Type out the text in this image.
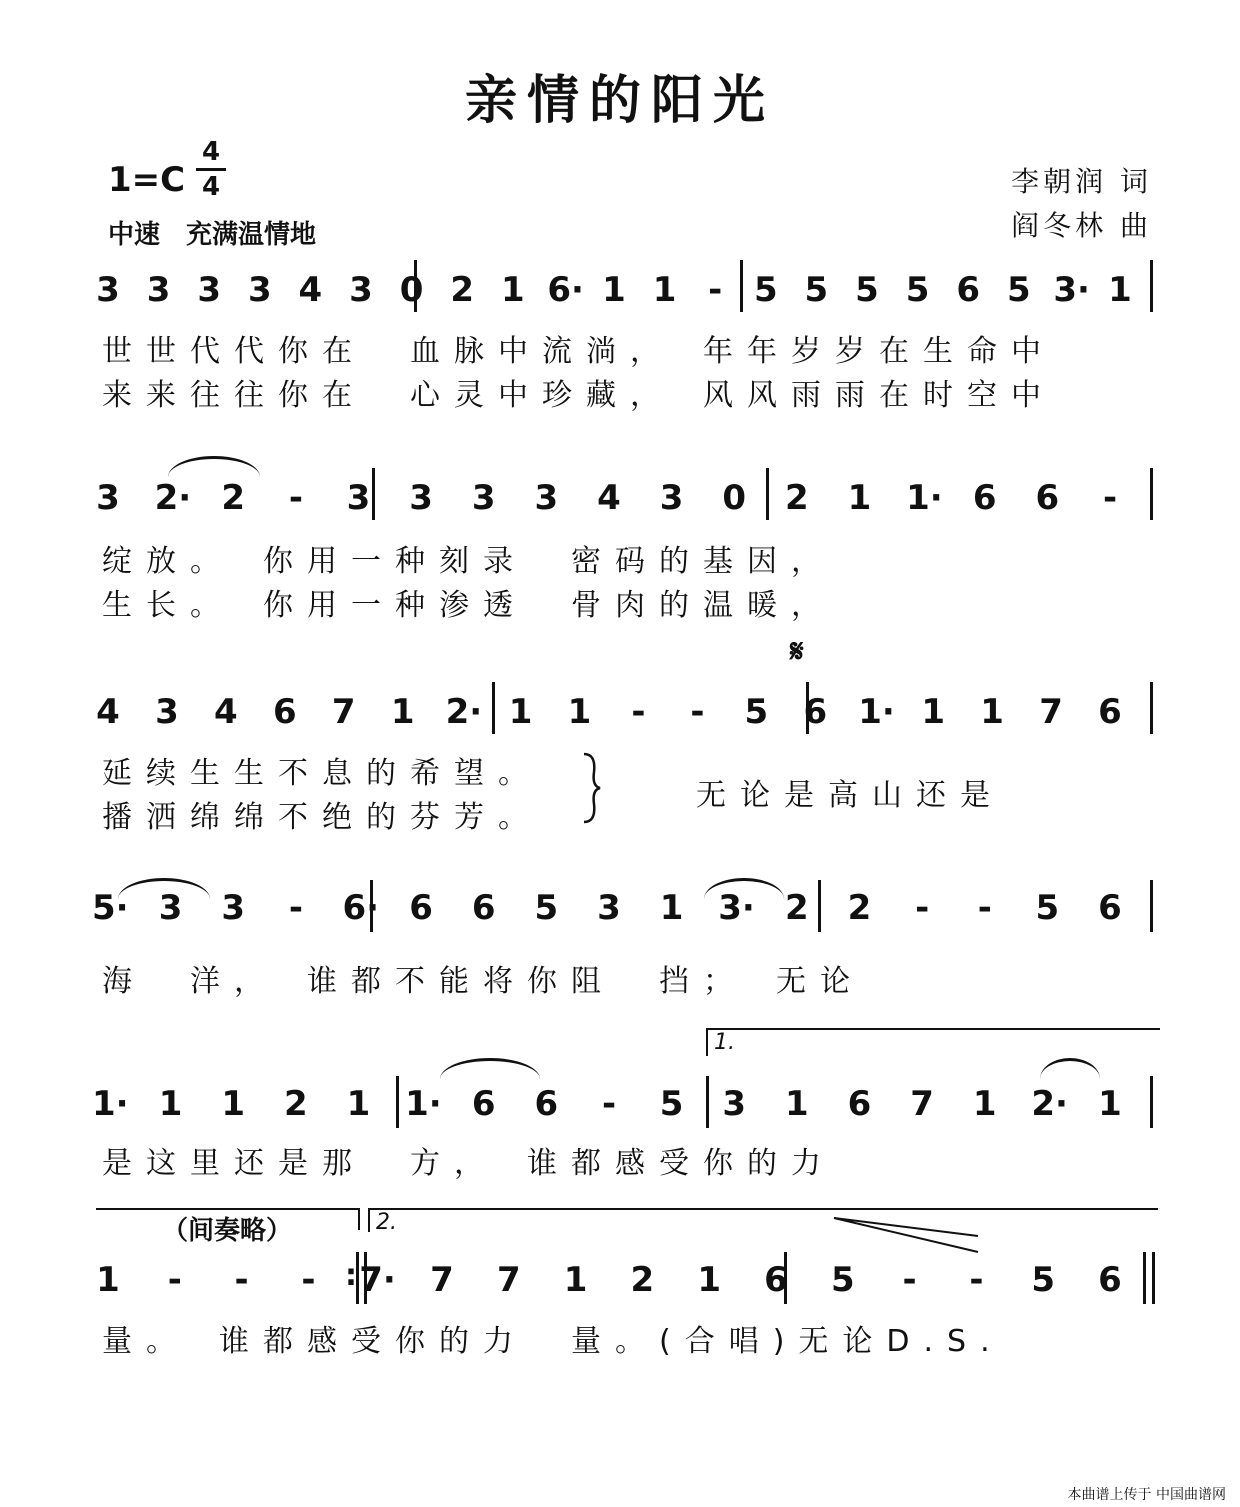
亲情的阳光
1=C
4
4
中速　充满温情地
李朝润 词
阎冬林 曲
世世代代你在　血脉中流淌，　年年岁岁在生命中
来来往往你在　心灵中珍藏，　风风雨雨在时空中
绽放。　你用一种刻录　密码的基因，
生长。　你用一种渗透　骨肉的温暖，
𝄋
延续生生不息的希望。
播洒绵绵不绝的芬芳。
无论是高山还是
海　洋，　谁都不能将你阻　挡；　无论
1.
是这里还是那　方，　谁都感受你的力
（间奏略）	2.
:
量。　谁都感受你的力　量。(合唱)无论D.S.
本曲谱上传于 中国曲谱网
3 3 3 3 4 3 0 2 1 6· 1 1 - 5 5 5 5 6 5 3· 1
3 2· 2 - 3 3 3 3 4 3 0 2 1 1· 6 6 -
4 3 4 6 7 1 2· 1 1 - - 5 6 1· 1 1 7 6
5· 3 3 - 6· 6 6 5 3 1 3· 2 2 - - 5 6
1· 1 1 2 1 1· 6 6 - 5 3 1 6 7 1 2· 1
1 - - - 7· 7 7 1 2 1 6 5 - - 5 6
